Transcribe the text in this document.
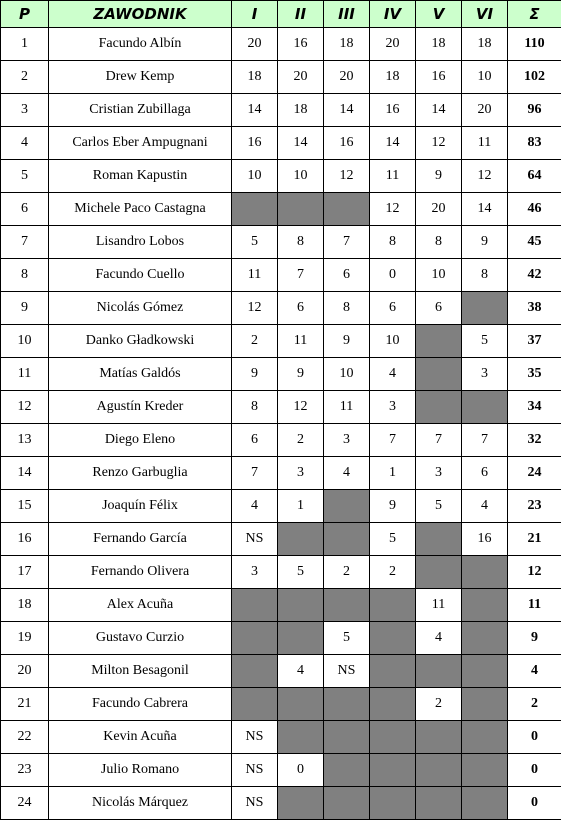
P	ZAWODNIK	I	II	III	IV	V	VI	Σ
1	Facundo Albín	20	16	18	20	18	18	110
2	Drew Kemp	18	20	20	18	16	10	102
3	Cristian Zubillaga	14	18	14	16	14	20	96
4	Carlos Eber Ampugnani	16	14	16	14	12	11	83
5	Roman Kapustin	10	10	12	11	9	12	64
6	Michele Paco Castagna				12	20	14	46
7	Lisandro Lobos	5	8	7	8	8	9	45
8	Facundo Cuello	11	7	6	0	10	8	42
9	Nicolás Gómez	12	6	8	6	6		38
10	Danko Gładkowski	2	11	9	10		5	37
11	Matías Galdós	9	9	10	4		3	35
12	Agustín Kreder	8	12	11	3			34
13	Diego Eleno	6	2	3	7	7	7	32
14	Renzo Garbuglia	7	3	4	1	3	6	24
15	Joaquín Félix	4	1		9	5	4	23
16	Fernando García	NS			5		16	21
17	Fernando Olivera	3	5	2	2			12
18	Alex Acuña					11		11
19	Gustavo Curzio			5		4		9
20	Milton Besagonil		4	NS				4
21	Facundo Cabrera					2		2
22	Kevin Acuña	NS						0
23	Julio Romano	NS	0					0
24	Nicolás Márquez	NS						0
